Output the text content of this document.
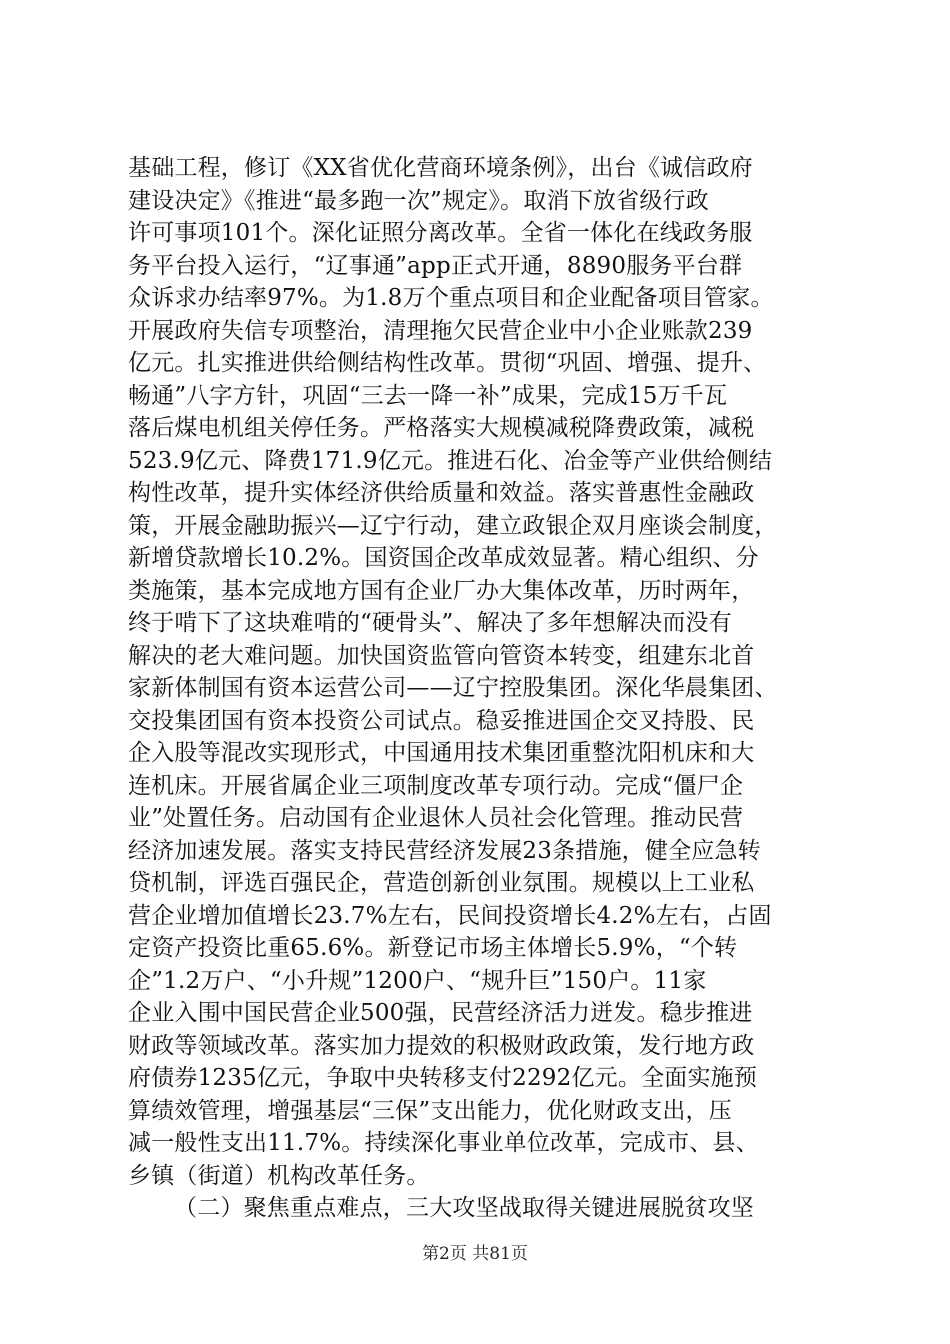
基础工程，修订《XX省优化营商环境条例》，出台《诚信政府
建设决定》《推进“最多跑一次”规定》。取消下放省级行政
许可事项101个。深化证照分离改革。全省一体化在线政务服
务平台投入运行，“辽事通”app正式开通，8890服务平台群
众诉求办结率97%。为1.8万个重点项目和企业配备项目管家。
开展政府失信专项整治，清理拖欠民营企业中小企业账款239
亿元。扎实推进供给侧结构性改革。贯彻“巩固、增强、提升、
畅通”八字方针，巩固“三去一降一补”成果，完成15万千瓦
落后煤电机组关停任务。严格落实大规模减税降费政策，减税
523.9亿元、降费171.9亿元。推进石化、冶金等产业供给侧结
构性改革，提升实体经济供给质量和效益。落实普惠性金融政
策，开展金融助振兴—辽宁行动，建立政银企双月座谈会制度，
新增贷款增长10.2%。国资国企改革成效显著。精心组织、分
类施策，基本完成地方国有企业厂办大集体改革，历时两年，
终于啃下了这块难啃的“硬骨头”、解决了多年想解决而没有
解决的老大难问题。加快国资监管向管资本转变，组建东北首
家新体制国有资本运营公司——辽宁控股集团。深化华晨集团、
交投集团国有资本投资公司试点。稳妥推进国企交叉持股、民
企入股等混改实现形式，中国通用技术集团重整沈阳机床和大
连机床。开展省属企业三项制度改革专项行动。完成“僵尸企
业”处置任务。启动国有企业退休人员社会化管理。推动民营
经济加速发展。落实支持民营经济发展23条措施，健全应急转
贷机制，评选百强民企，营造创新创业氛围。规模以上工业私
营企业增加值增长23.7%左右，民间投资增长4.2%左右，占固
定资产投资比重65.6%。新登记市场主体增长5.9%，“个转
企”1.2万户、“小升规”1200户、“规升巨”150户。11家
企业入围中国民营企业500强，民营经济活力迸发。稳步推进
财政等领域改革。落实加力提效的积极财政政策，发行地方政
府债券1235亿元，争取中央转移支付2292亿元。全面实施预
算绩效管理，增强基层“三保”支出能力，优化财政支出，压
减一般性支出11.7%。持续深化事业单位改革，完成市、县、
乡镇（街道）机构改革任务。
（二）聚焦重点难点，三大攻坚战取得关键进展脱贫攻坚
第2页 共81页
